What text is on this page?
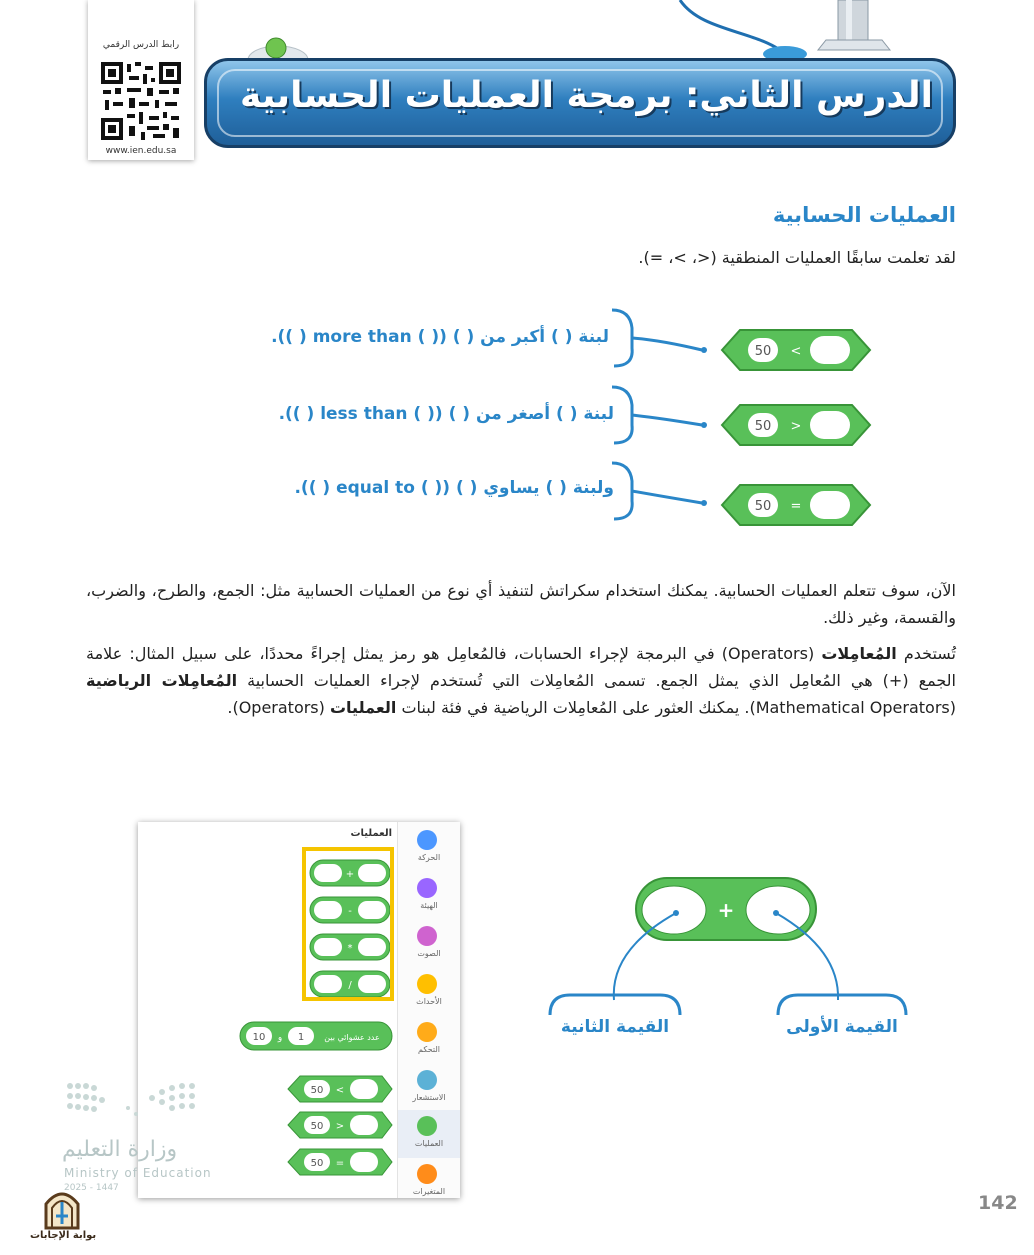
رابط الدرس الرقمي
www.ien.edu.sa
الدرس الثاني: برمجة العمليات الحسابية
العمليات الحسابية
لقد تعلمت سابقًا العمليات المنطقية (<، >، =).
50 <
50 >
50 =
لبنة ( ) أكبر من ( ) (( ) more than ( )).
لبنة ( ) أصغر من ( ) (( ) less than ( )).
ولبنة ( ) يساوي ( ) (( ) equal to ( )).
الآن، سوف تتعلم العمليات الحسابية. يمكنك استخدام سكراتش لتنفيذ أي نوع من العمليات الحسابية مثل: الجمع، والطرح، والضرب، والقسمة، وغير ذلك.
تُستخدم المُعامِلات (Operators) في البرمجة لإجراء الحسابات، فالمُعامِل هو رمز يمثل إجراءً محددًا، على سبيل المثال: علامة الجمع (+) هي المُعامِل الذي يمثل الجمع. تسمى المُعامِلات التي تُستخدم لإجراء العمليات الحسابية المُعامِلات الرياضية (Mathematical Operators). يمكنك العثور على المُعامِلات الرياضية في فئة لبنات العمليات (Operators).
الحركة
الهيئة
الصوت
الأحداث
التحكم
الاستشعار
العمليات
المتغيرات
العمليات
+
-
*
/
10 و 1	عدد عشوائي بين
50 <
50 >
50 =
+
القيمة الثانية	القيمة الأولى
وزارة التعليم
Ministry of Education
2025 - 1447
بوابة الإجابات
142
